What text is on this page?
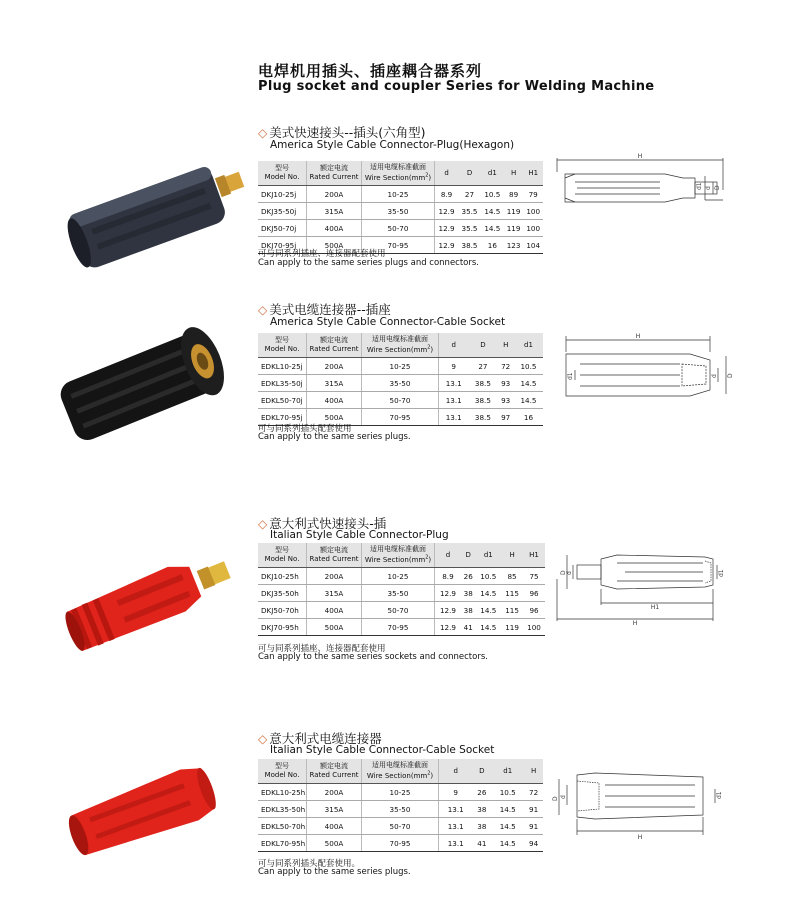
电焊机用插头、插座耦合器系列
Plug socket and coupler Series for Welding Machine
◇ 美式快速接头--插头(六角型)
America Style Cable Connector-Plug(Hexagon)
型号
Model No.	额定电流
Rated Current	适用电缆标准截面
Wire $Section(mm^2)$	d	D	d1	H	H1
DKJ10-25j	200A	10-25	8.9	27	10.5	89	79
DKJ35-50j	315A	35-50	12.9	35.5	14.5	119	100
DKJ50-70j	400A	50-70	12.9	35.5	14.5	119	100
DKJ70-95j	500A	70-95	12.9	38.5	16	123	104
H
d1 d D
可与同系列插座、连接器配套使用
Can apply to the same series plugs and connectors.
◇ 美式电缆连接器--插座
America Style Cable Connector-Cable Socket
型号
Model No.	额定电流
Rated Current	适用电缆标准截面
Wire $Section(mm^2)$	d	D	H	d1
EDKL10-25j	200A	10-25	9	27	72	10.5
EDKL35-50j	315A	35-50	13.1	38.5	93	14.5
EDKL50-70j	400A	50-70	13.1	38.5	93	14.5
EDKL70-95j	500A	70-95	13.1	38.5	97	16
H
d1	d D
可与同系列插头配套使用
Can apply to the same series plugs.
◇ 意大利式快速接头-插
Italian Style Cable Connector-Plug
型号
Model No.	额定电流
Rated Current	适用电缆标准截面
Wire $Section(mm^2)$	d	D	d1	H	H1
DKJ10-25h	200A	10-25	8.9	26	10.5	85	75
DKJ35-50h	315A	35-50	12.9	38	14.5	115	96
DKJ50-70h	400A	50-70	12.9	38	14.5	115	96
DKJ70-95h	500A	70-95	12.9	41	14.5	119	100
d
D	d1
H1
H
可与同系列插座、连接器配套使用
Can apply to the same series sockets and connectors.
◇ 意大利式电缆连接器
Italian Style Cable Connector-Cable Socket
型号
Model No.	额定电流
Rated Current	适用电缆标准截面
Wire $Section(mm^2)$	d	D	d1	H
EDKL10-25h	200A	10-25	9	26	10.5	72
EDKL35-50h	315A	35-50	13.1	38	14.5	91
EDKL50-70h	400A	50-70	13.1	38	14.5	91
EDKL70-95h	500A	70-95	13.1	41	14.5	94
D d	d1
H
可与同系列插头配套使用。
Can apply to the same series plugs.
